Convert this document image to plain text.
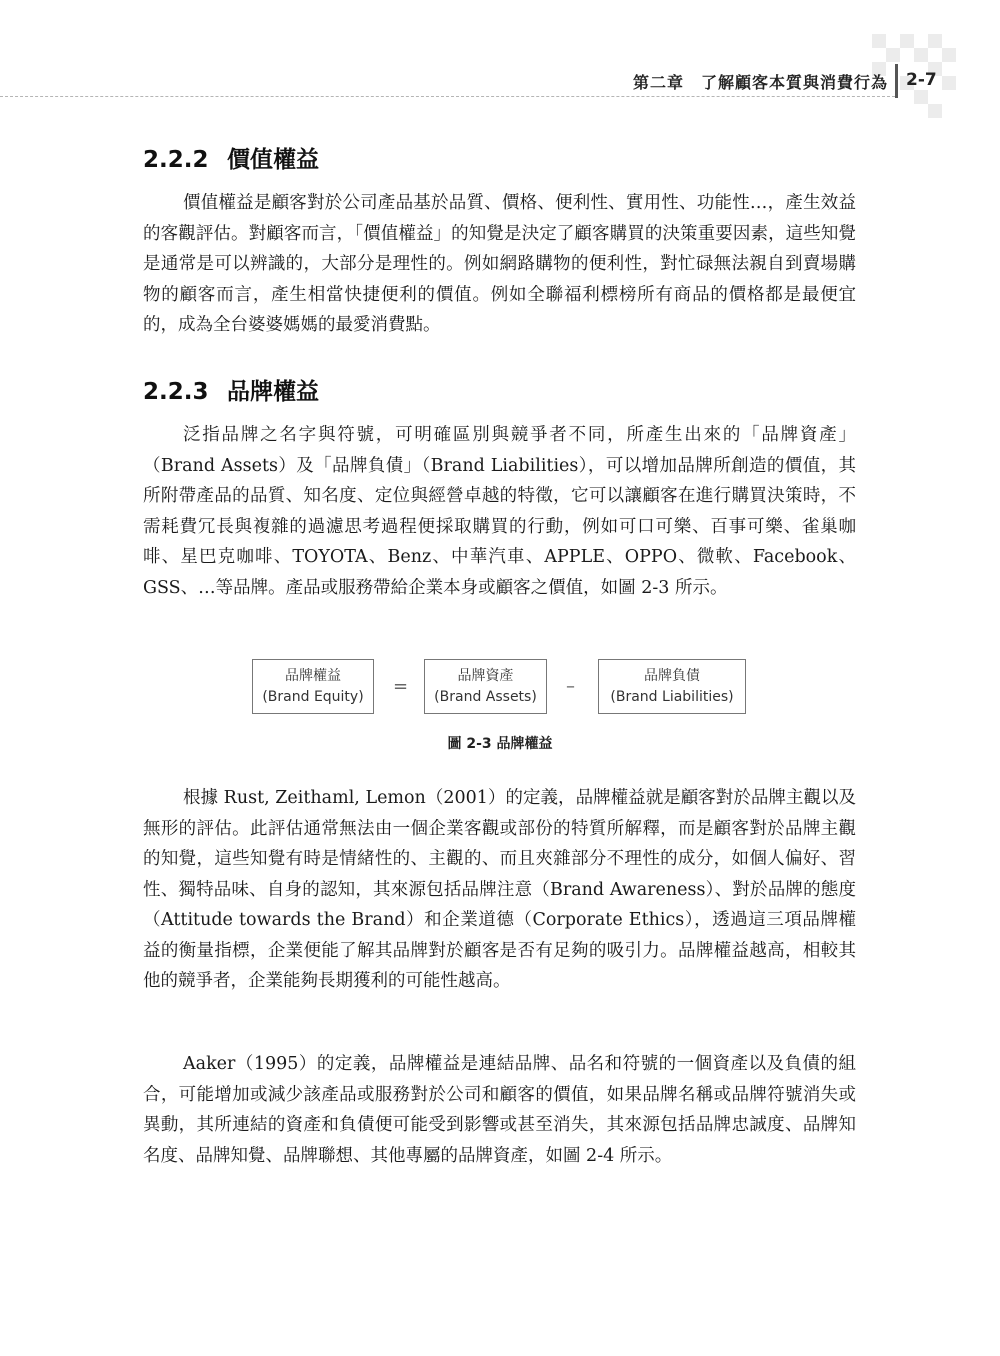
第二章　了解顧客本質與消費行為 2-7
2.2.2 價值權益

價值權益是顧客對於公司產品基於品質、價格、便利性、實用性、功能性…，產生效益的客觀評估。對顧客而言，「價值權益」的知覺是決定了顧客購買的決策重要因素，這些知覺是通常是可以辨識的，大部分是理性的。例如網路購物的便利性，對忙碌無法親自到賣場購物的顧客而言，產生相當快捷便利的價值。例如全聯福利標榜所有商品的價格都是最便宜的，成為全台婆婆媽媽的最愛消費點。

2.2.3 品牌權益

泛指品牌之名字與符號，可明確區別與競爭者不同，所產生出來的「品牌資產」（Brand Assets）及「品牌負債」（Brand Liabilities），可以增加品牌所創造的價值，其所附帶產品的品質、知名度、定位與經營卓越的特徵，它可以讓顧客在進行購買決策時，不需耗費冗長與複雜的過濾思考過程便採取購買的行動，例如可口可樂、百事可樂、雀巢咖啡、星巴克咖啡、TOYOTA、Benz、中華汽車、APPLE、OPPO、微軟、Facebook、GSS、…等品牌。產品或服務帶給企業本身或顧客之價值，如圖 2-3 所示。

品牌權益
(Brand Equity)	=	品牌資產
(Brand Assets)	–	品牌負債
(Brand Liabilities)
圖 2-3 品牌權益

根據 Rust, Zeithaml, Lemon（2001）的定義，品牌權益就是顧客對於品牌主觀以及無形的評估。此評估通常無法由一個企業客觀或部份的特質所解釋，而是顧客對於品牌主觀的知覺，這些知覺有時是情緒性的、主觀的、而且夾雜部分不理性的成分，如個人偏好、習性、獨特品味、自身的認知，其來源包括品牌注意（Brand Awareness）、對於品牌的態度（Attitude towards the Brand）和企業道德（Corporate Ethics），透過這三項品牌權益的衡量指標，企業便能了解其品牌對於顧客是否有足夠的吸引力。品牌權益越高，相較其他的競爭者，企業能夠長期獲利的可能性越高。

Aaker（1995）的定義，品牌權益是連結品牌、品名和符號的一個資產以及負債的組合，可能增加或減少該產品或服務對於公司和顧客的價值，如果品牌名稱或品牌符號消失或異動，其所連結的資產和負債便可能受到影響或甚至消失，其來源包括品牌忠誠度、品牌知名度、品牌知覺、品牌聯想、其他專屬的品牌資產，如圖 2-4 所示。
